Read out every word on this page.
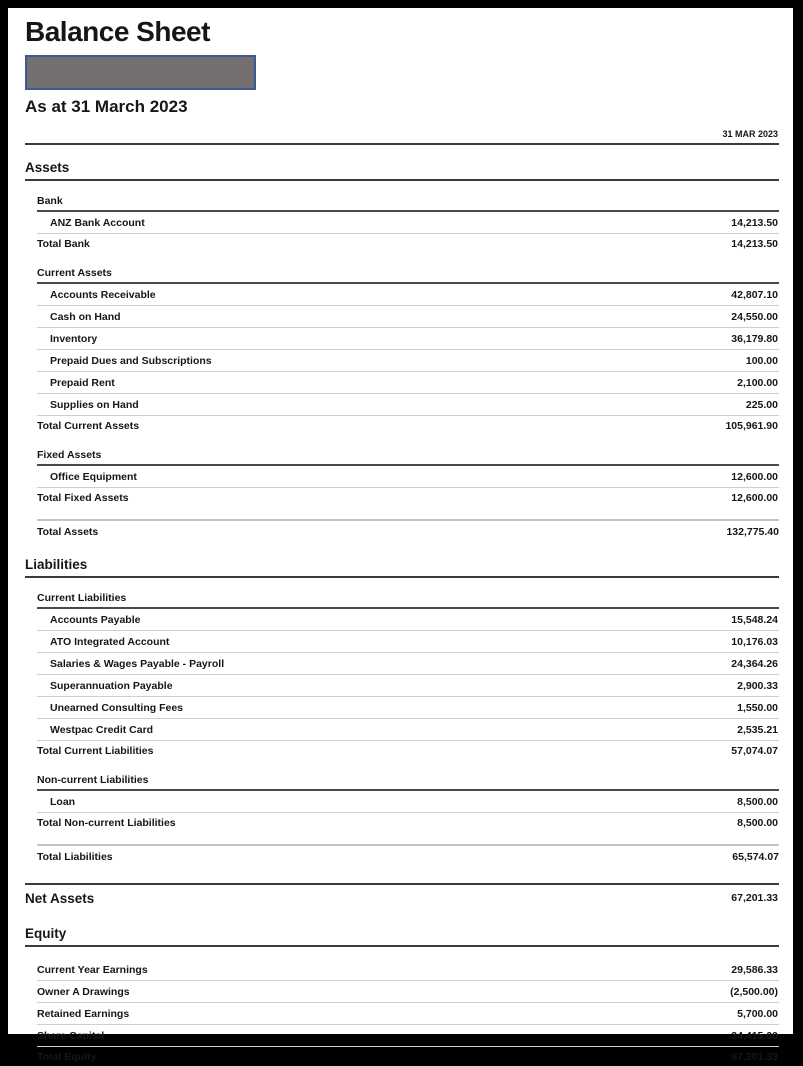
Balance Sheet
As at 31 March 2023
31 MAR 2023
Assets
Bank
ANZ Bank Account	14,213.50
Total Bank	14,213.50
Current Assets
Accounts Receivable	42,807.10
Cash on Hand	24,550.00
Inventory	36,179.80
Prepaid Dues and Subscriptions	100.00
Prepaid Rent	2,100.00
Supplies on Hand	225.00
Total Current Assets	105,961.90
Fixed Assets
Office Equipment	12,600.00
Total Fixed Assets	12,600.00
Total Assets	132,775.40
Liabilities
Current Liabilities
Accounts Payable	15,548.24
ATO Integrated Account	10,176.03
Salaries & Wages Payable - Payroll	24,364.26
Superannuation Payable	2,900.33
Unearned Consulting Fees	1,550.00
Westpac Credit Card	2,535.21
Total Current Liabilities	57,074.07
Non-current Liabilities
Loan	8,500.00
Total Non-current Liabilities	8,500.00
Total Liabilities	65,574.07
Net Assets	67,201.33
Equity
Current Year Earnings	29,586.33
Owner A Drawings	(2,500.00)
Retained Earnings	5,700.00
Share Capital	34,415.00
Total Equity	67,201.33
